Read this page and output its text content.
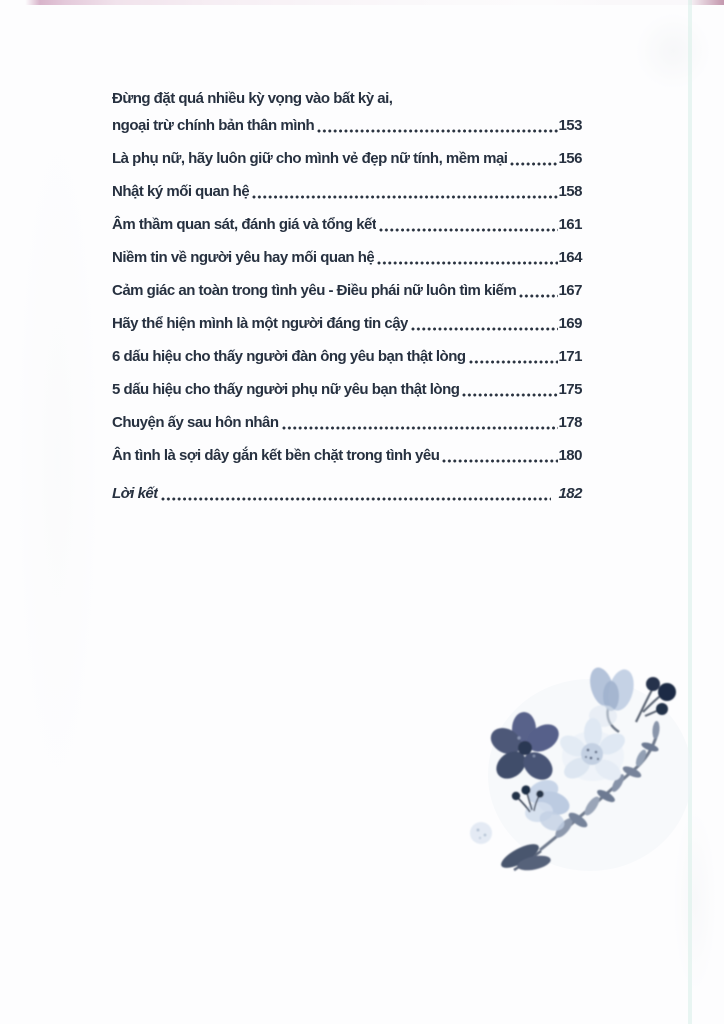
Đừng đặt quá nhiều kỳ vọng vào bất kỳ ai,
ngoại trừ chính bản thân mình	153
Là phụ nữ, hãy luôn giữ cho mình vẻ đẹp nữ tính, mềm mại	156
Nhật ký mối quan hệ	158
Âm thầm quan sát, đánh giá và tổng kết	161
Niềm tin về người yêu hay mối quan hệ	164
Cảm giác an toàn trong tình yêu - Điều phái nữ luôn tìm kiếm	167
Hãy thể hiện mình là một người đáng tin cậy	169
6 dấu hiệu cho thấy người đàn ông yêu bạn thật lòng	171
5 dấu hiệu cho thấy người phụ nữ yêu bạn thật lòng	175
Chuyện ấy sau hôn nhân	178
Ân tình là sợi dây gắn kết bền chặt trong tình yêu	180
Lời kết	182
